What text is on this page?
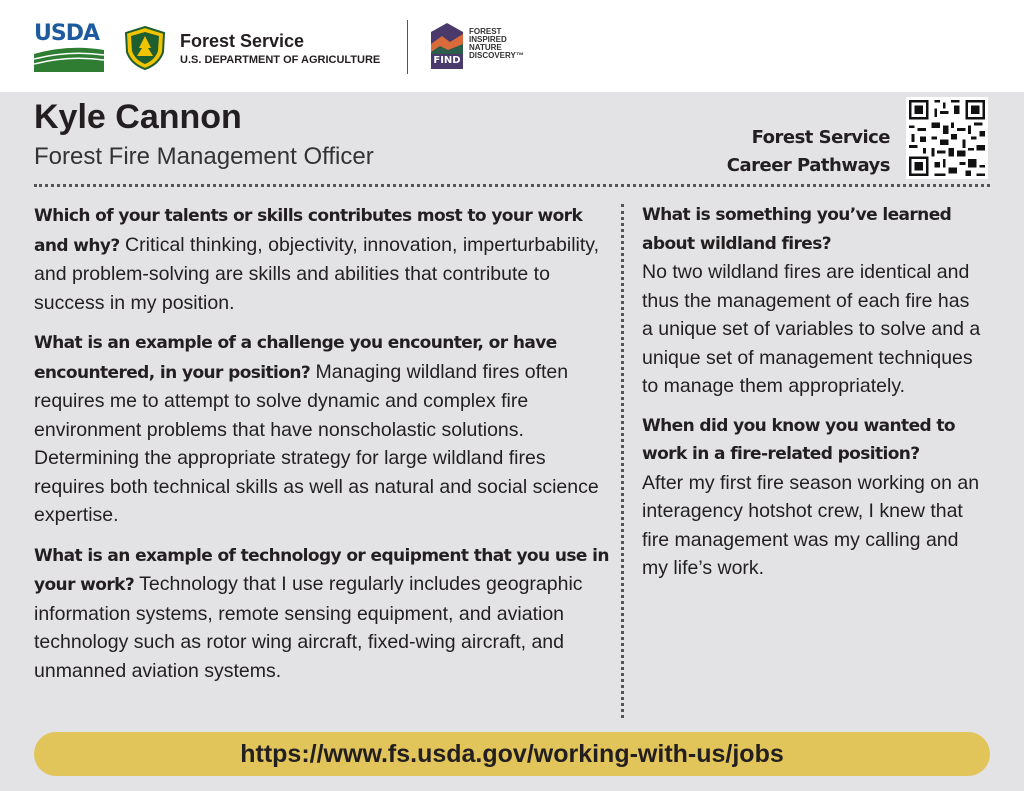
USDA	Forest Service
U.S. DEPARTMENT OF AGRICULTURE	FIND
FOREST
INSPIRED
NATURE
DISCOVERY™
Kyle Cannon
Forest Fire Management Officer
Forest Service
Career Pathways

Which of your talents or skills contributes most to your work and why? Critical thinking, objectivity, innovation, imperturbability, and problem-solving are skills and abilities that contribute to success in my position.

What is an example of a challenge you encounter, or have encountered, in your position? Managing wildland fires often requires me to attempt to solve dynamic and complex fire environment problems that have nonscholastic solutions. Determining the appropriate strategy for large wildland fires requires both technical skills as well as natural and social science expertise.

What is an example of technology or equipment that you use in your work? Technology that I use regularly includes geographic information systems, remote sensing equipment, and aviation technology such as rotor wing aircraft, fixed-wing aircraft, and unmanned aviation systems.

What is something you’ve learned about wildland fires?
No two wildland fires are identical and thus the management of each fire has a unique set of variables to solve and a unique set of management techniques to manage them appropriately.

When did you know you wanted to work in a fire-related position?
After my first fire season working on an interagency hotshot crew, I knew that fire management was my calling and my life’s work.

https://www.fs.usda.gov/working-with-us/jobs
